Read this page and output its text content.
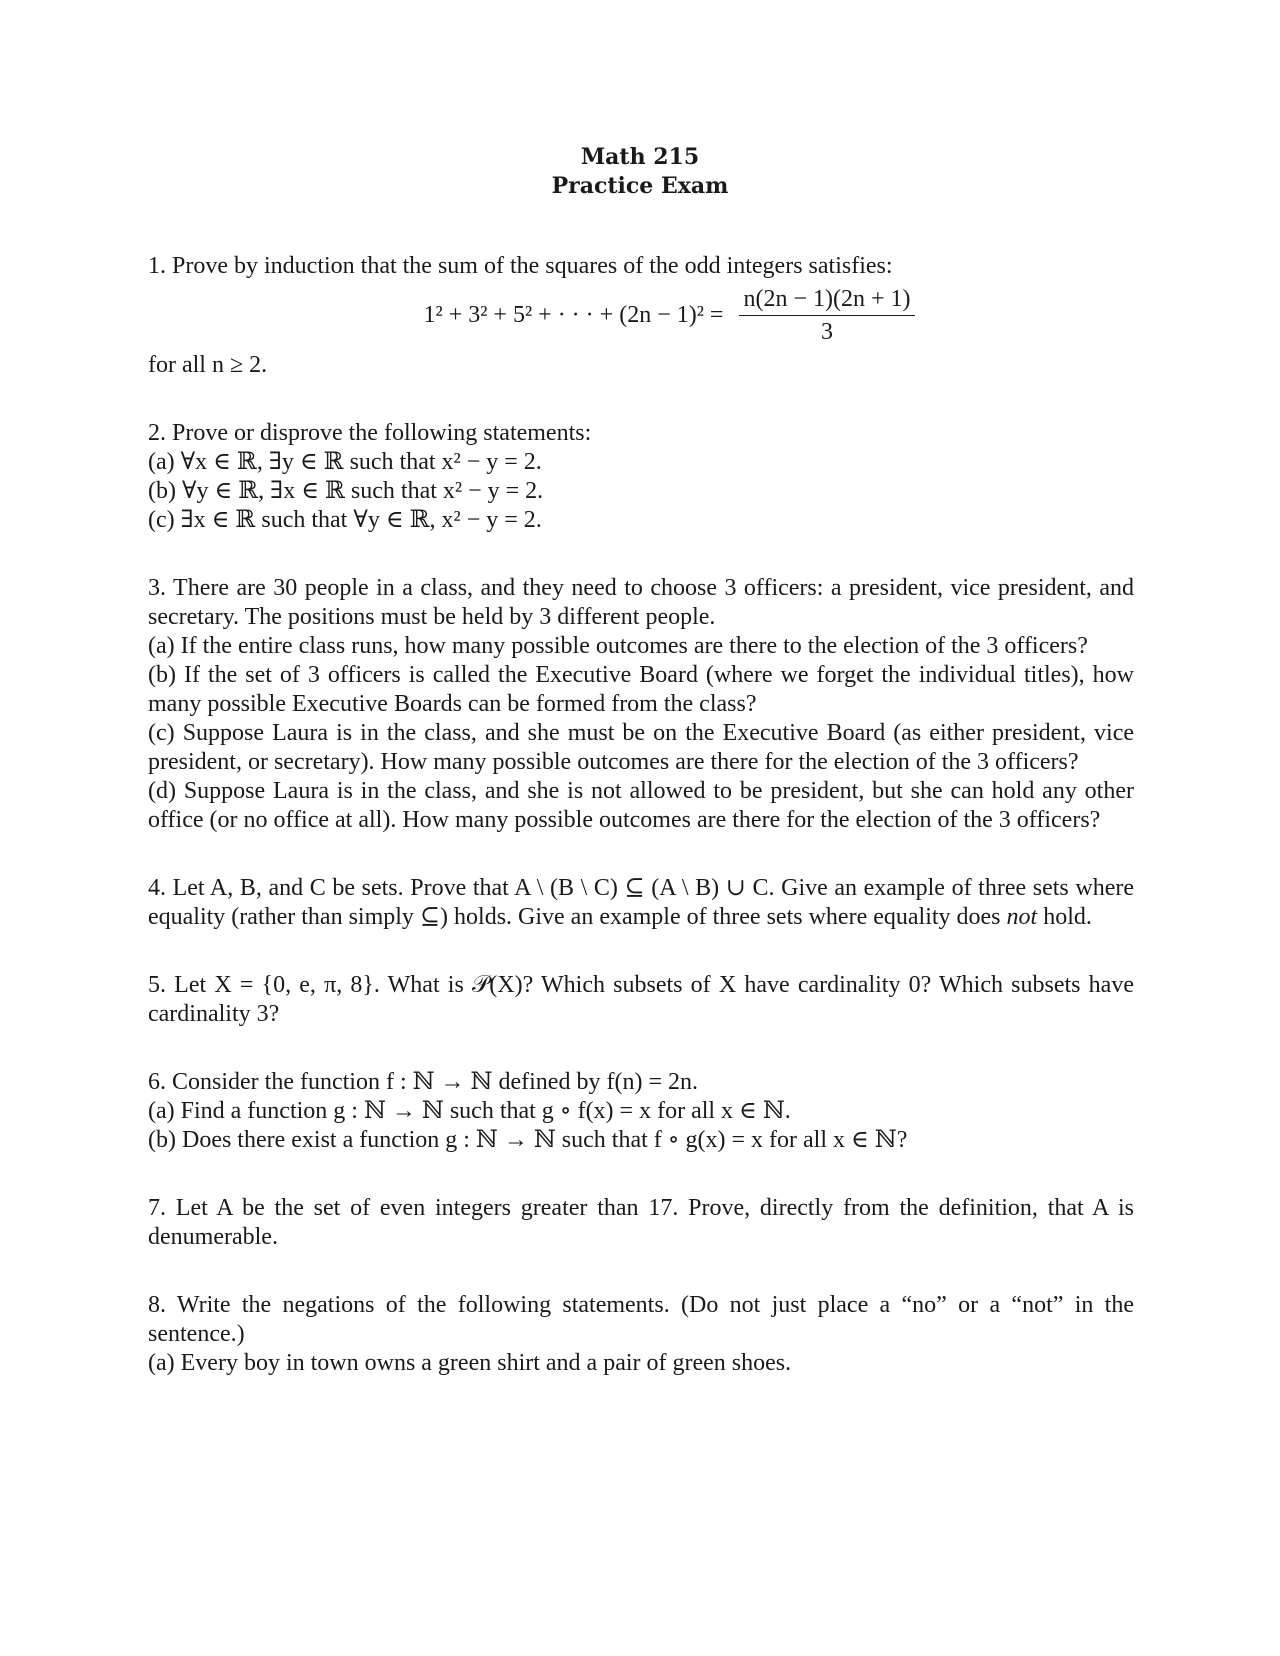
Math 215
Practice Exam

1. Prove by induction that the sum of the squares of the odd integers satisfies:

1² + 3² + 5² + · · · + $(2n - 1)^2 = \frac{n(2n - 1)(2n + 1)}{3}$

for all n ≥ 2.

2. Prove or disprove the following statements:

(a) ∀x ∈ ℝ, ∃y ∈ ℝ such that x² − y = 2.

(b) ∀y ∈ ℝ, ∃x ∈ ℝ such that x² − y = 2.

(c) ∃x ∈ ℝ such that ∀y ∈ ℝ, x² − y = 2.

3. There are 30 people in a class, and they need to choose 3 officers: a president, vice president, and secretary. The positions must be held by 3 different people.

(a) If the entire class runs, how many possible outcomes are there to the election of the 3 officers?

(b) If the set of 3 officers is called the Executive Board (where we forget the individual titles), how many possible Executive Boards can be formed from the class?

(c) Suppose Laura is in the class, and she must be on the Executive Board (as either president, vice president, or secretary). How many possible outcomes are there for the election of the 3 officers?

(d) Suppose Laura is in the class, and she is not allowed to be president, but she can hold any other office (or no office at all). How many possible outcomes are there for the election of the 3 officers?

4. Let A, B, and C be sets. Prove that A \ (B \ C) ⊆ (A \ B) ∪ C. Give an example of three sets where equality (rather than simply ⊆) holds. Give an example of three sets where equality does not hold.

5. Let X = {0, e, π, 8}. What is 𝒫(X)? Which subsets of X have cardinality 0? Which subsets have cardinality 3?

6. Consider the function f : ℕ → ℕ defined by f(n) = 2n.

(a) Find a function g : ℕ → ℕ such that g ∘ f(x) = x for all x ∈ ℕ.

(b) Does there exist a function g : ℕ → ℕ such that f ∘ g(x) = x for all x ∈ ℕ?

7. Let A be the set of even integers greater than 17. Prove, directly from the definition, that A is denumerable.

8. Write the negations of the following statements. (Do not just place a “no” or a “not” in the sentence.)

(a) Every boy in town owns a green shirt and a pair of green shoes.
